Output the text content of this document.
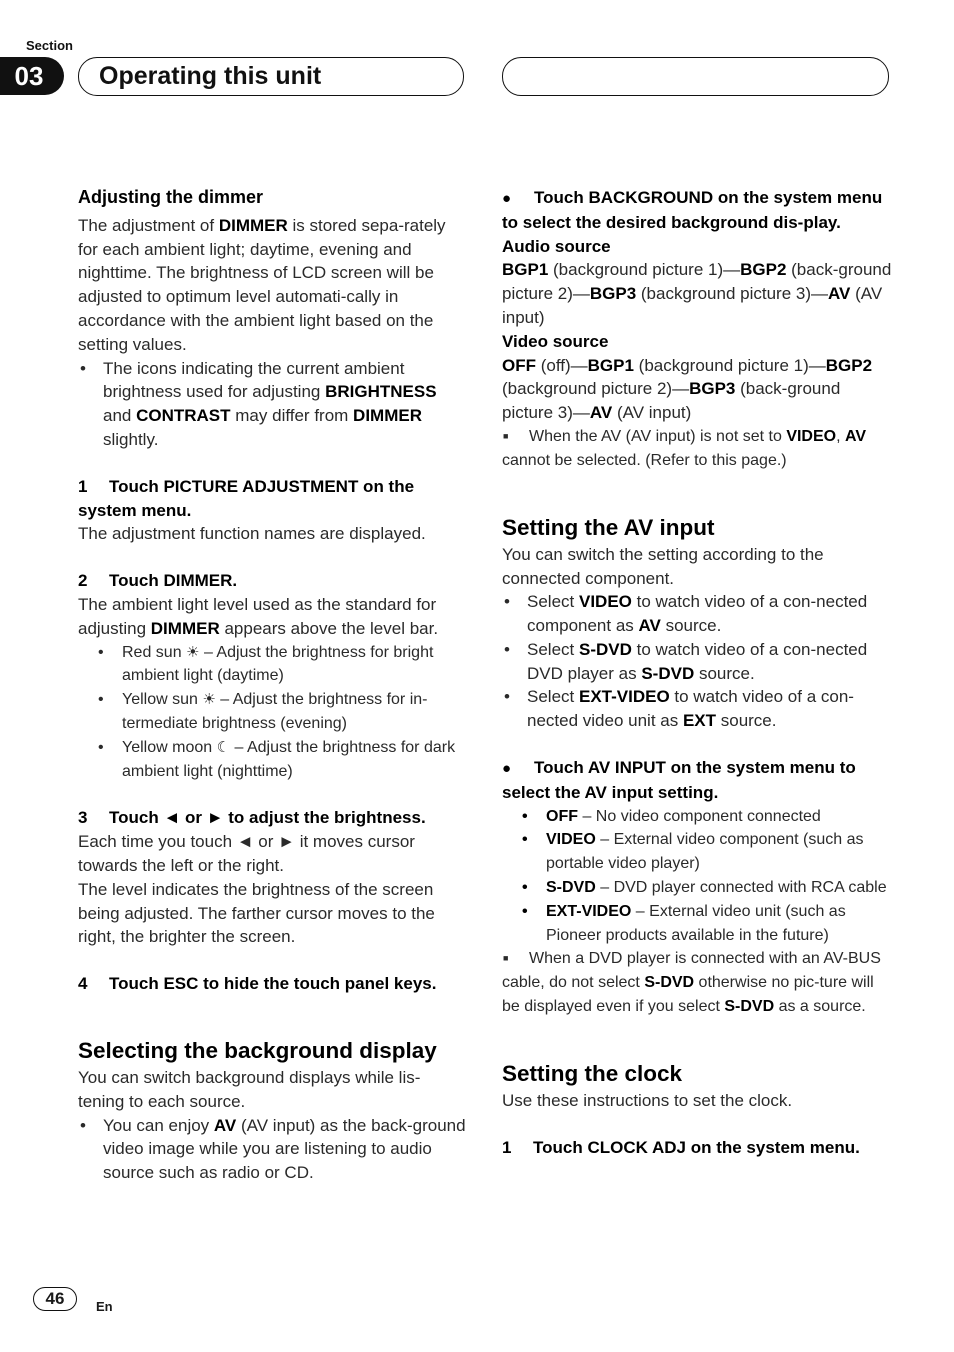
Section
03	Operating this unit

Adjusting the dimmer

The adjustment of DIMMER is stored sepa-rately for each ambient light; daytime, evening and nighttime. The brightness of LCD screen will be adjusted to optimum level automati-cally in accordance with the ambient light based on the setting values.

• The icons indicating the current ambient brightness used for adjusting BRIGHTNESS and CONTRAST may differ from DIMMER slightly.

1 Touch PICTURE ADJUSTMENT on the system menu.

The adjustment function names are displayed.

2 Touch DIMMER.

The ambient light level used as the standard for adjusting DIMMER appears above the level bar.

• Red sun ☀ – Adjust the brightness for bright ambient light (daytime)
• Yellow sun ☀ – Adjust the brightness for in-termediate brightness (evening)
• Yellow moon ☾ – Adjust the brightness for dark ambient light (nighttime)

3 Touch ◄ or ► to adjust the brightness.

Each time you touch ◄ or ► it moves cursor towards the left or the right.

The level indicates the brightness of the screen being adjusted. The farther cursor moves to the right, the brighter the screen.

4 Touch ESC to hide the touch panel keys.

Selecting the background display

You can switch background displays while lis-tening to each source.

• You can enjoy AV (AV input) as the back-ground video image while you are listening to audio source such as radio or CD.

● Touch BACKGROUND on the system menu to select the desired background dis-play.

Audio source

BGP1 (background picture 1)—BGP2 (back-ground picture 2)—BGP3 (background picture 3)—AV (AV input)

Video source

OFF (off)—BGP1 (background picture 1)—BGP2 (background picture 2)—BGP3 (back-ground picture 3)—AV (AV input)

■ When the AV (AV input) is not set to VIDEO, AV cannot be selected. (Refer to this page.)

Setting the AV input

You can switch the setting according to the connected component.

• Select VIDEO to watch video of a con-nected component as AV source.
• Select S-DVD to watch video of a con-nected DVD player as S-DVD source.
• Select EXT-VIDEO to watch video of a con-nected video unit as EXT source.

● Touch AV INPUT on the system menu to select the AV input setting.

• OFF – No video component connected
• VIDEO – External video component (such as portable video player)
• S-DVD – DVD player connected with RCA cable
• EXT-VIDEO – External video unit (such as Pioneer products available in the future)

■ When a DVD player is connected with an AV-BUS cable, do not select S-DVD otherwise no pic-ture will be displayed even if you select S-DVD as a source.

Setting the clock

Use these instructions to set the clock.

1 Touch CLOCK ADJ on the system menu.

46	En
